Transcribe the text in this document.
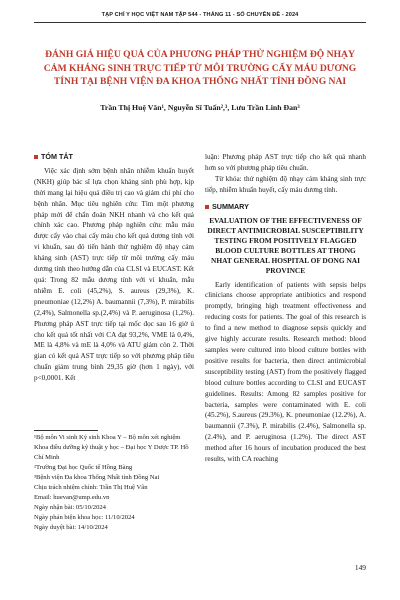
TẠP CHÍ Y HỌC VIỆT NAM TẬP 544 - THÁNG 11 - SỐ CHUYÊN ĐỀ - 2024
ĐÁNH GIÁ HIỆU QUẢ CỦA PHƯƠNG PHÁP THỬ NGHIỆM ĐỘ NHẠY CẢM KHÁNG SINH TRỰC TIẾP TỪ MÔI TRƯỜNG CẤY MÁU DƯƠNG TÍNH TẠI BỆNH VIỆN ĐA KHOA THỐNG NHẤT TỈNH ĐỒNG NAI
Trần Thị Huệ Vân¹, Nguyễn Sĩ Tuấn²,³, Lưu Trần Linh Đan³
TÓM TẮT

Việc xác định sớm bệnh nhân nhiễm khuẩn huyết (NKH) giúp bác sĩ lựa chọn kháng sinh phù hợp, kịp thời mang lại hiệu quả điều trị cao và giảm chi phí cho bệnh nhân. Mục tiêu nghiên cứu: Tìm một phương pháp mới để chẩn đoán NKH nhanh và cho kết quả chính xác cao. Phương pháp nghiên cứu: mẫu máu được cấy vào chai cấy máu cho kết quả dương tính với vi khuẩn, sau đó tiến hành thử nghiệm độ nhạy cảm kháng sinh (AST) trực tiếp từ môi trường cấy máu dương tính theo hướng dẫn của CLSI và EUCAST. Kết quả: Trong 82 mẫu dương tính với vi khuẩn, mẫu nhiễm E. coli (45,2%), S. aureus (29,3%), K. pneumoniae (12,2%) A. baumannii (7,3%), P. mirabilis (2,4%), Salmonella sp.(2,4%) và P. aeruginosa (1,2%). Phương pháp AST trực tiếp tại mốc đọc sau 16 giờ ủ cho kết quả tốt nhất với CA đạt 93,2%, VME là 0,4%, ME là 4,8% và mE là 4,0% và ATU giảm còn 2. Thời gian có kết quả AST trực tiếp so với phương pháp tiêu chuẩn giảm trung bình 29,35 giờ (hơn 1 ngày), với p<0,0001. Kết

luận: Phương pháp AST trực tiếp cho kết quả nhanh hơn so với phương pháp tiêu chuẩn.

Từ khóa: thử nghiệm độ nhạy cảm kháng sinh trực tiếp, nhiễm khuẩn huyết, cấy máu dương tính.

SUMMARY
EVALUATION OF THE EFFECTIVENESS OF DIRECT ANTIMICROBIAL SUSCEPTIBILITY TESTING FROM POSITIVELY FLAGGED BLOOD CULTURE BOTTLES AT THONG NHAT GENERAL HOSPITAL OF DONG NAI PROVINCE

Early identification of patients with sepsis helps clinicians choose appropriate antibiotics and respond promptly, bringing high treatment effectiveness and reducing costs for patients. The goal of this research is to find a new method to diagnose sepsis quickly and give highly accurate results. Research method: blood samples were cultured into blood culture bottles with positive results for bacteria, then direct antimicrobial susceptibility testing (AST) from the positively flagged blood culture bottles according to CLSI and EUCAST guidelines. Results: Among 82 samples positive for bacteria, samples were contaminated with E. coli (45.2%), S.aureus (29.3%), K. pneumoniae (12.2%), A. baumannii (7.3%), P. mirabilis (2.4%), Salmonella sp. (2.4%), and P. aeruginosa (1.2%). The direct AST method after 16 hours of incubation produced the best results, with CA reaching

¹Bộ môn Vi sinh Ký sinh Khoa Y – Bộ môn xét nghiệm Khoa điều dưỡng kỹ thuật y học – Đại học Y Dược TP. Hồ Chí Minh

²Trường Đại học Quốc tế Hồng Bàng

³Bệnh viện Đa khoa Thống Nhất tỉnh Đồng Nai

Chịu trách nhiệm chính: Trần Thị Huệ Vân

Email: huevan@ump.edu.vn

Ngày nhận bài: 05/10/2024

Ngày phản biện khoa học: 11/10/2024

Ngày duyệt bài: 14/10/2024

149
